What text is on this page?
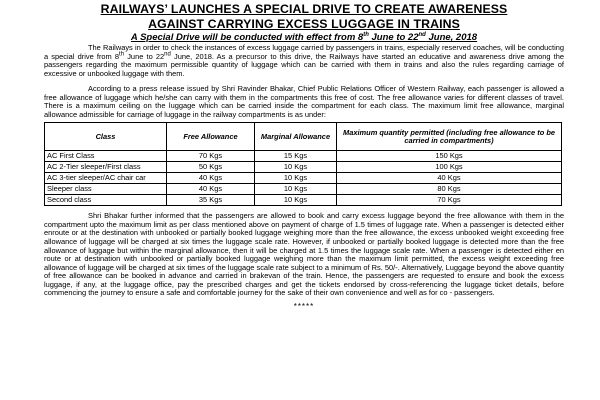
RAILWAYS’ LAUNCHES A SPECIAL DRIVE TO CREATE AWARENESS

AGAINST CARRYING EXCESS LUGGAGE IN TRAINS

A Special Drive will be conducted with effect from 8th June to 22nd June, 2018

The Railways in order to check the instances of excess luggage carried by passengers in trains, especially reserved coaches, will be conducting a special drive from 8th June to 22nd June, 2018. As a precursor to this drive, the Railways have started an educative and awareness drive among the passengers regarding the maximum permissible quantity of luggage which can be carried with them in trains and also the rules regarding carriage of excessive or unbooked luggage with them.

According to a press release issued by Shri Ravinder Bhakar, Chief Public Relations Officer of Western Railway, each passenger is allowed a free allowance of luggage which he/she can carry with them in the compartments this free of cost. The free allowance varies for different classes of travel. There is a maximum ceiling on the luggage which can be carried inside the compartment for each class. The maximum limit free allowance, marginal allowance admissible for carriage of luggage in the railway compartments is as under:

Class	Free Allowance	Marginal Allowance	Maximum quantity permitted (including free allowance to be carried in compartments)
AC First Class	70 Kgs	15 Kgs	150 Kgs
AC 2-Tier sleeper/First class	50 Kgs	10 Kgs	100 Kgs
AC 3-tier sleeper/AC chair car	40 Kgs	10 Kgs	40 Kgs
Sleeper class	40 Kgs	10 Kgs	80 Kgs
Second class	35 Kgs	10 Kgs	70 Kgs

Shri Bhakar further informed that the passengers are allowed to book and carry excess luggage beyond the free allowance with them in the compartment upto the maximum limit as per class mentioned above on payment of charge of 1.5 times of luggage rate. When a passenger is detected either enroute or at the destination with unbooked or partially booked luggage weighing more than the free allowance, the excess unbooked weight exceeding free allowance of luggage will be charged at six times the luggage scale rate. However, if unbooked or partially booked luggage is detected more than the free allowance of luggage but within the marginal allowance, then it will be charged at 1.5 times the luggage scale rate. When a passenger is detected either en route or at destination with unbooked or partially booked luggage weighing more than the maximum limit permitted, the excess weight exceeding free allowance of luggage will be charged at six times of the luggage scale rate subject to a minimum of Rs. 50/-. Alternatively, Luggage beyond the above quantity of free allowance can be booked in advance and carried in brakevan of the train. Hence, the passengers are requested to ensure and book the excess luggage, if any, at the luggage office, pay the prescribed charges and get the tickets endorsed by cross-referencing the luggage ticket details, before commencing the journey to ensure a safe and comfortable journey for the sake of their own convenience and well as for co - passengers.

*****
